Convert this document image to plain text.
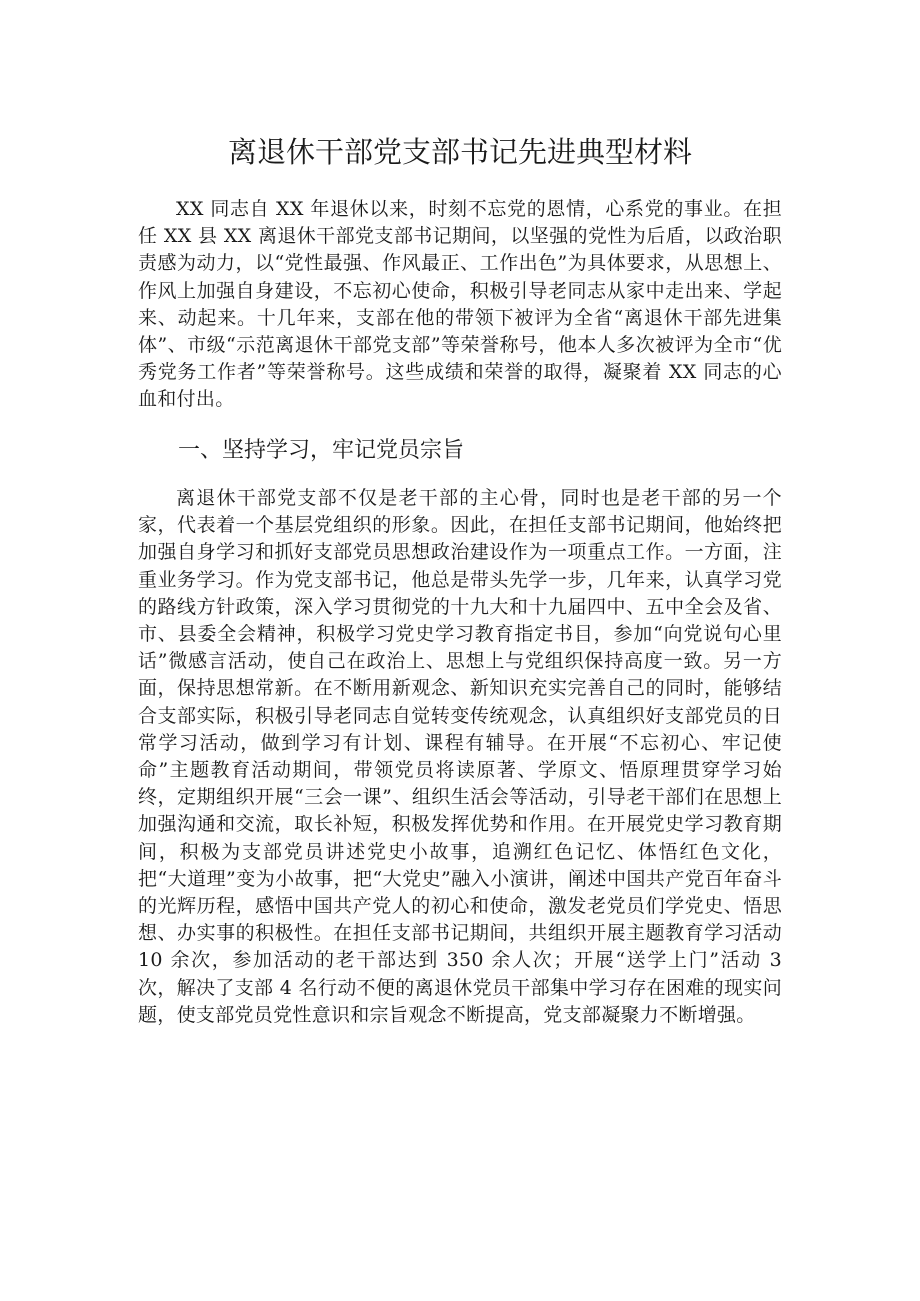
离退休干部党支部书记先进典型材料

XX 同志自 XX 年退休以来，时刻不忘党的恩情，心系党的事业。在担任 XX 县 XX 离退休干部党支部书记期间，以坚强的党性为后盾，以政治职责感为动力，以“党性最强、作风最正、工作出色”为具体要求，从思想上、作风上加强自身建设，不忘初心使命，积极引导老同志从家中走出来、学起来、动起来。十几年来，支部在他的带领下被评为全省“离退休干部先进集体”、市级“示范离退休干部党支部”等荣誉称号，他本人多次被评为全市“优秀党务工作者”等荣誉称号。这些成绩和荣誉的取得，凝聚着 XX 同志的心血和付出。

一、坚持学习，牢记党员宗旨

离退休干部党支部不仅是老干部的主心骨，同时也是老干部的另一个家，代表着一个基层党组织的形象。因此，在担任支部书记期间，他始终把加强自身学习和抓好支部党员思想政治建设作为一项重点工作。一方面，注重业务学习。作为党支部书记，他总是带头先学一步，几年来，认真学习党的路线方针政策，深入学习贯彻党的十九大和十九届四中、五中全会及省、市、县委全会精神，积极学习党史学习教育指定书目，参加“向党说句心里话”微感言活动，使自己在政治上、思想上与党组织保持高度一致。另一方面，保持思想常新。在不断用新观念、新知识充实完善自己的同时，能够结合支部实际，积极引导老同志自觉转变传统观念，认真组织好支部党员的日常学习活动，做到学习有计划、课程有辅导。在开展“不忘初心、牢记使命”主题教育活动期间，带领党员将读原著、学原文、悟原理贯穿学习始终，定期组织开展“三会一课”、组织生活会等活动，引导老干部们在思想上加强沟通和交流，取长补短，积极发挥优势和作用。在开展党史学习教育期间，积极为支部党员讲述党史小故事，追溯红色记忆、体悟红色文化，把“大道理”变为小故事，把“大党史”融入小演讲，阐述中国共产党百年奋斗的光辉历程，感悟中国共产党人的初心和使命，激发老党员们学党史、悟思想、办实事的积极性。在担任支部书记期间，共组织开展主题教育学习活动 10 余次，参加活动的老干部达到 350 余人次；开展“送学上门”活动 3 次，解决了支部 4 名行动不便的离退休党员干部集中学习存在困难的现实问题，使支部党员党性意识和宗旨观念不断提高，党支部凝聚力不断增强。
